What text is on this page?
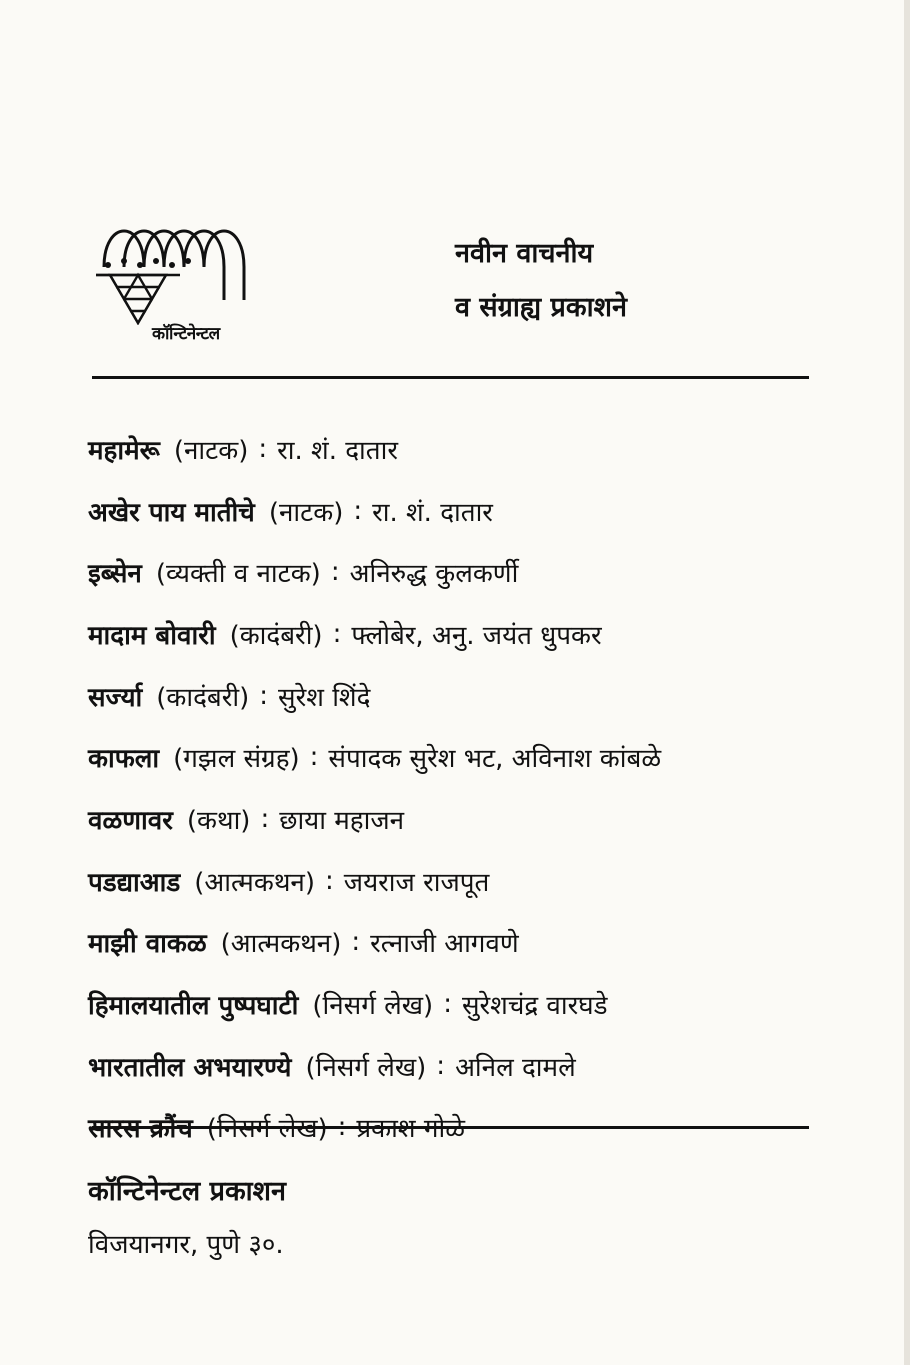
कॉन्टिनेन्टल
नवीन वाचनीय
व संग्राह्य प्रकाशने
महामेरू (नाटक) : रा. शं. दातार
अखेर पाय मातीचे (नाटक) : रा. शं. दातार
इब्सेन (व्यक्ती व नाटक) : अनिरुद्ध कुलकर्णी
मादाम बोवारी (कादंबरी) : फ्लोबेर, अनु. जयंत धुपकर
सर्ज्या (कादंबरी) : सुरेश शिंदे
काफला (गझल संग्रह) : संपादक सुरेश भट, अविनाश कांबळे
वळणावर (कथा) : छाया महाजन
पडद्याआड (आत्मकथन) : जयराज राजपूत
माझी वाकळ (आत्मकथन) : रत्नाजी आगवणे
हिमालयातील पुष्पघाटी (निसर्ग लेख) : सुरेशचंद्र वारघडे
भारतातील अभयारण्ये (निसर्ग लेख) : अनिल दामले
सारस क्रौंच (निसर्ग लेख) : प्रकाश गोळे
कॉन्टिनेन्टल प्रकाशन
विजयानगर, पुणे ३०.
